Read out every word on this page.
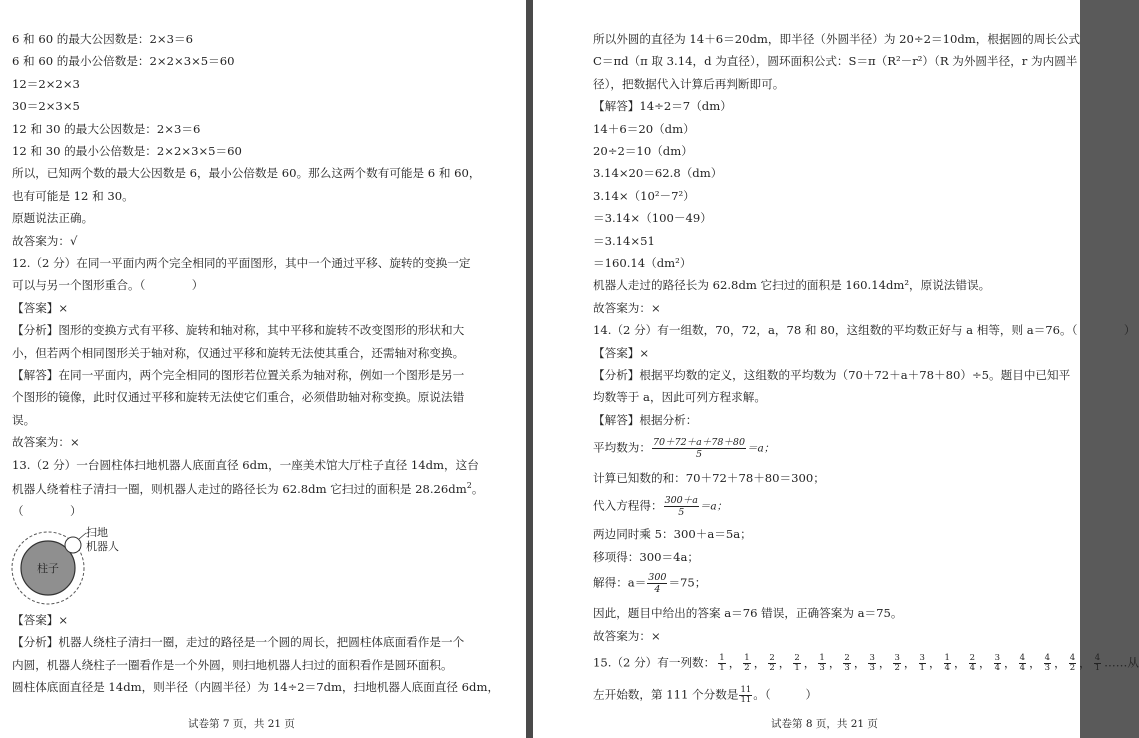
6 和 60 的最大公因数是：2×3＝6
6 和 60 的最小公倍数是：2×2×3×5＝60
12＝2×2×3
30＝2×3×5
12 和 30 的最大公因数是：2×3＝6
12 和 30 的最小公倍数是：2×2×3×5＝60
所以，已知两个数的最大公因数是 6，最小公倍数是 60。那么这两个数有可能是 6 和 60，
也有可能是 12 和 30。
原题说法正确。
故答案为：√
12.（2 分）在同一平面内两个完全相同的平面图形，其中一个通过平移、旋转的变换一定
可以与另一个图形重合。（　　　　）
【答案】×
【分析】图形的变换方式有平移、旋转和轴对称，其中平移和旋转不改变图形的形状和大
小，但若两个相同图形关于轴对称，仅通过平移和旋转无法使其重合，还需轴对称变换。
【解答】在同一平面内，两个完全相同的图形若位置关系为轴对称，例如一个图形是另一
个图形的镜像，此时仅通过平移和旋转无法使它们重合，必须借助轴对称变换。原说法错
误。
故答案为：×
13.（2 分）一台圆柱体扫地机器人底面直径 6dm，一座美术馆大厅柱子直径 14dm，这台
机器人绕着柱子清扫一圈，则机器人走过的路径长为 62.8dm 它扫过的面积是 $28.26dm^2$。
（　　　　）
扫地
机器人
柱子
【答案】×
【分析】机器人绕柱子清扫一圈，走过的路径是一个圆的周长，把圆柱体底面看作是一个
内圆，机器人绕柱子一圈看作是一个外圆，则扫地机器人扫过的面积看作是圆环面积。
圆柱体底面直径是 14dm，则半径（内圆半径）为 14÷2＝7dm，扫地机器人底面直径 6dm，
试卷第 7 页，共 21 页
所以外圆的直径为 14＋6＝20dm，即半径（外圆半径）为 20÷2＝10dm，根据圆的周长公式
C＝πd（π 取 3.14，d 为直径），圆环面积公式：S＝π（R²－r²）（R 为外圆半径，r 为内圆半
径），把数据代入计算后再判断即可。
【解答】14÷2＝7（dm）
14＋6＝20（dm）
20÷2＝10（dm）
3.14×20＝62.8（dm）
3.14×（10²－7²）
＝3.14×（100－49）
＝3.14×51
＝160.14（dm²）
机器人走过的路径长为 62.8dm 它扫过的面积是 160.14dm²，原说法错误。
故答案为：×
14.（2 分）有一组数，70，72，a，78 和 80，这组数的平均数正好与 a 相等，则 a＝76。（　　　　）
【答案】×
【分析】根据平均数的定义，这组数的平均数为（70＋72＋a＋78＋80）÷5。题目中已知平
均数等于 a，因此可列方程求解。
【解答】根据分析：
平均数为： $\frac{70+72+a+78+80}{5} =a$；
计算已知数的和：70＋72＋78＋80＝300；
代入方程得： $\frac{300+a}{5} =a$；
两边同时乘 5：300＋a＝5a；
移项得：300＝4a；
解得：$a= \frac{300}{4} =75$；
因此，题目中给出的答案 a＝76 错误，正确答案为 a＝75。
故答案为：×
15.（2 分）有一列数： $\frac{1}{1}$ ， $\frac{1}{2}$ ， $\frac{2}{2}$ ， $\frac{2}{1}$ ， $\frac{1}{3}$ ， $\frac{2}{3}$ ， $\frac{3}{3}$ ， $\frac{3}{2}$ ， $\frac{3}{1}$ ， $\frac{1}{4}$ ， $\frac{2}{4}$ ， $\frac{3}{4}$ ， $\frac{4}{4}$ ， $\frac{4}{3}$ ， $\frac{4}{2}$ ， $\frac{4}{1}$ ……从
左开始数，第 111 个分数是 $\frac{11}{11}$ 。（　　　）
试卷第 8 页，共 21 页
